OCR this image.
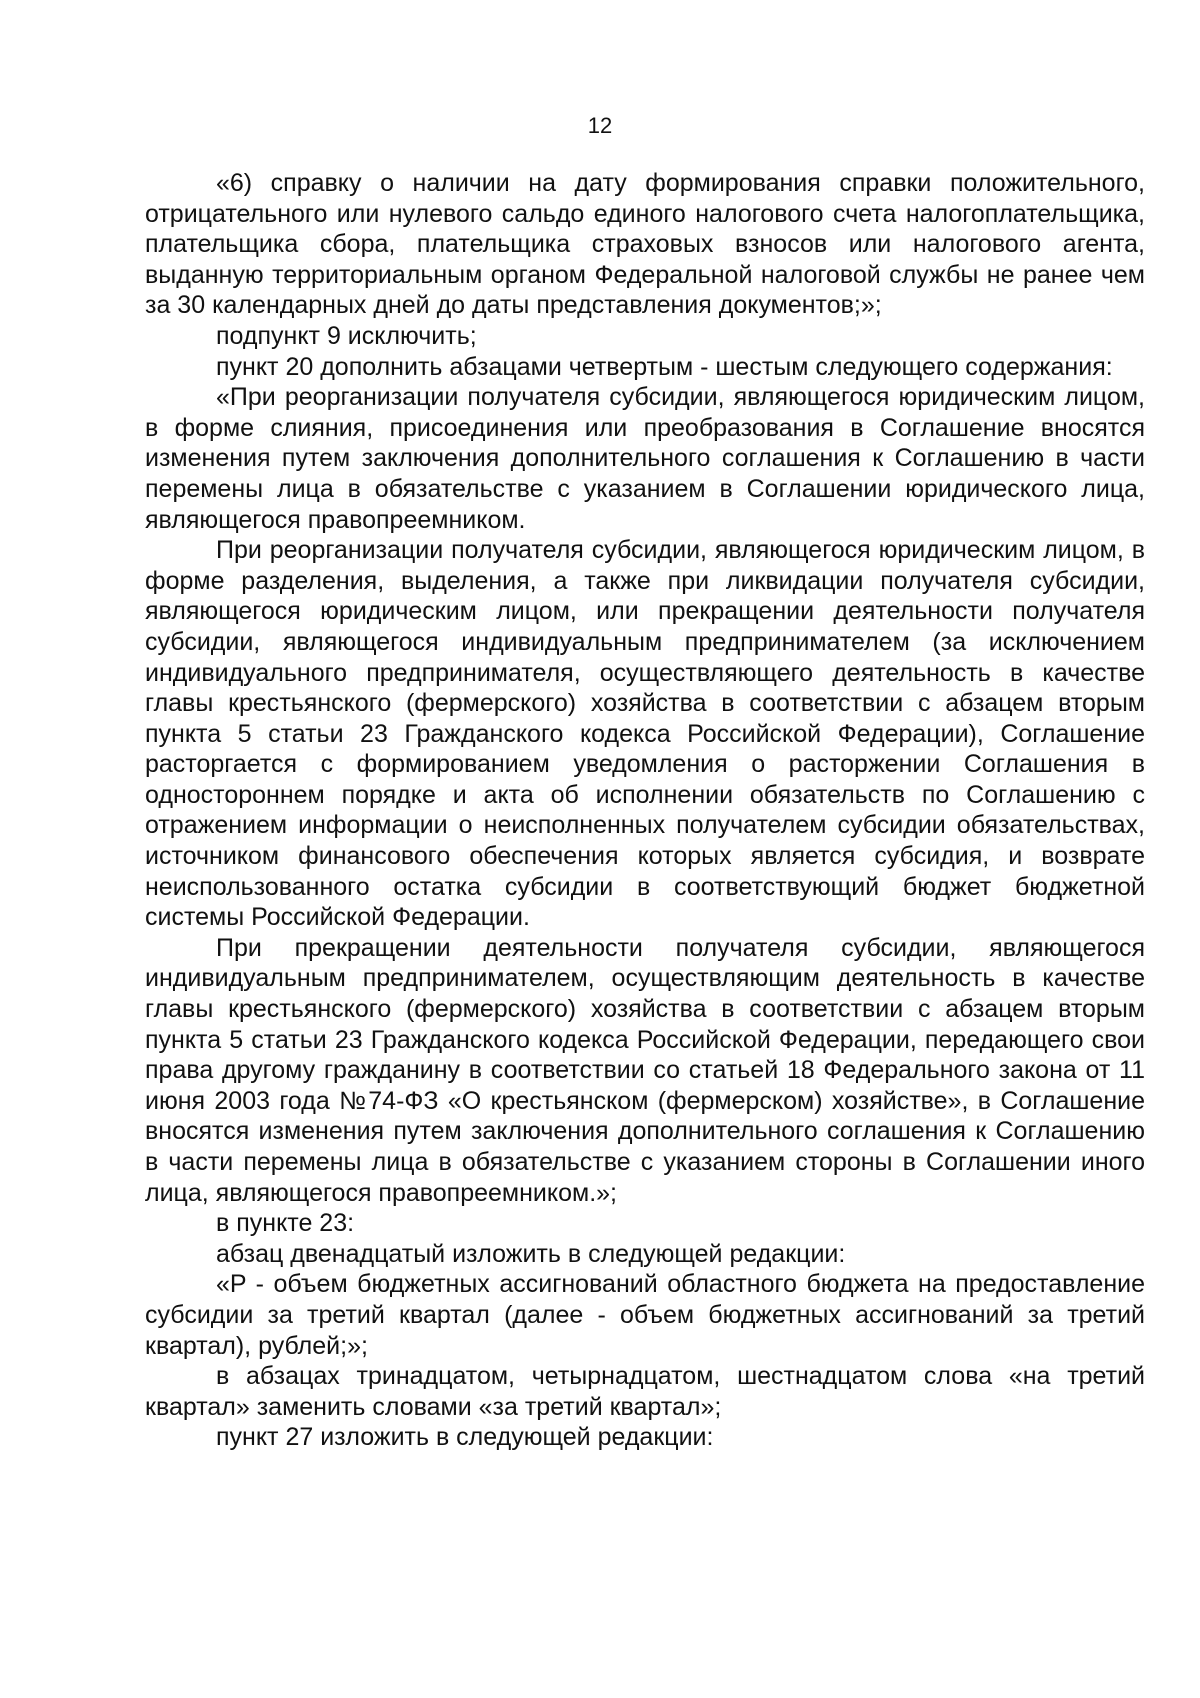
12

«6) справку о наличии на дату формирования справки положительного, отрицательного или нулевого сальдо единого налогового счета налогоплательщика, плательщика сбора, плательщика страховых взносов или налогового агента, выданную территориальным органом Федеральной налоговой службы не ранее чем за 30 календарных дней до даты представления документов;»;

подпункт 9 исключить;

пункт 20 дополнить абзацами четвертым - шестым следующего содержания:

«При реорганизации получателя субсидии, являющегося юридическим лицом, в форме слияния, присоединения или преобразования в Соглашение вносятся изменения путем заключения дополнительного соглашения к Соглашению в части перемены лица в обязательстве с указанием в Соглашении юридического лица, являющегося правопреемником.

При реорганизации получателя субсидии, являющегося юридическим лицом, в форме разделения, выделения, а также при ликвидации получателя субсидии, являющегося юридическим лицом, или прекращении деятельности получателя субсидии, являющегося индивидуальным предпринимателем (за исключением индивидуального предпринимателя, осуществляющего деятельность в качестве главы крестьянского (фермерского) хозяйства в соответствии с абзацем вторым пункта 5 статьи 23 Гражданского кодекса Российской Федерации), Соглашение расторгается с формированием уведомления о расторжении Соглашения в одностороннем порядке и акта об исполнении обязательств по Соглашению с отражением информации о неисполненных получателем субсидии обязательствах, источником финансового обеспечения которых является субсидия, и возврате неиспользованного остатка субсидии в соответствующий бюджет бюджетной системы Российской Федерации.

При прекращении деятельности получателя субсидии, являющегося индивидуальным предпринимателем, осуществляющим деятельность в качестве главы крестьянского (фермерского) хозяйства в соответствии с абзацем вторым пункта 5 статьи 23 Гражданского кодекса Российской Федерации, передающего свои права другому гражданину в соответствии со статьей 18 Федерального закона от 11 июня 2003 года №74-ФЗ «О крестьянском (фермерском) хозяйстве», в Соглашение вносятся изменения путем заключения дополнительного соглашения к Соглашению в части перемены лица в обязательстве с указанием стороны в Соглашении иного лица, являющегося правопреемником.»;

в пункте 23:

абзац двенадцатый изложить в следующей редакции:

«P - объем бюджетных ассигнований областного бюджета на предоставление субсидии за третий квартал (далее - объем бюджетных ассигнований за третий квартал), рублей;»;

в абзацах тринадцатом, четырнадцатом, шестнадцатом слова «на третий квартал» заменить словами «за третий квартал»;

пункт 27 изложить в следующей редакции:
